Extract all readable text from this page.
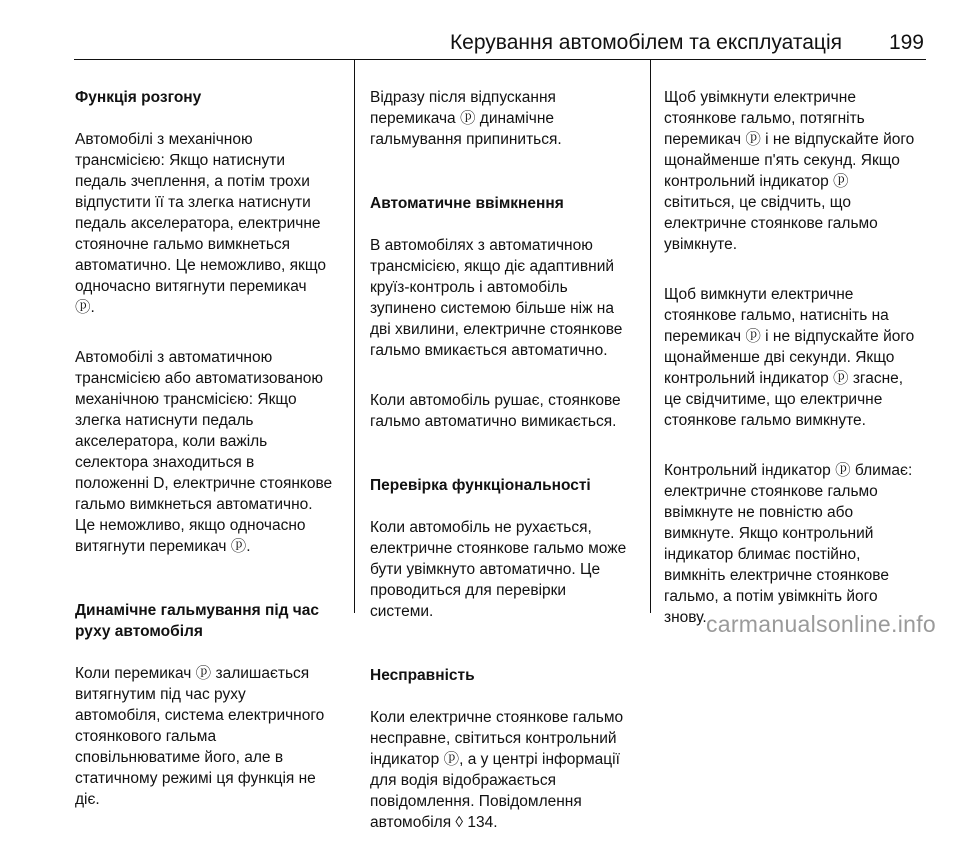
Керування автомобілем та експлуатація 199

Функція розгону

Автомобілі з механічною
трансмісією: Якщо натиснути
педаль зчеплення, а потім трохи
відпустити її та злегка натиснути
педаль акселератора, електричне
стояночне гальмо вимкнеться
автоматично. Це неможливо, якщо
одночасно витягнути перемикач
ⓟ.

Автомобілі з автоматичною
трансмісією або автоматизованою
механічною трансмісією: Якщо
злегка натиснути педаль
акселератора, коли важіль
селектора знаходиться в
положенні D, електричне стоянкове
гальмо вимкнеться автоматично.
Це неможливо, якщо одночасно
витягнути перемикач ⓟ.

Динамічне гальмування під час
руху автомобіля

Коли перемикач ⓟ залишається
витягнутим під час руху
автомобіля, система електричного
стоянкового гальма
сповільнюватиме його, але в
статичному режимі ця функція не
діє.

Відразу після відпускання
перемикача ⓟ динамічне
гальмування припиниться.

Автоматичне ввімкнення

В автомобілях з автоматичною
трансмісією, якщо діє адаптивний
круїз-контроль і автомобіль
зупинено системою більше ніж на
дві хвилини, електричне стоянкове
гальмо вмикається автоматично.

Коли автомобіль рушає, стоянкове
гальмо автоматично вимикається.

Перевірка функціональності

Коли автомобіль не рухається,
електричне стоянкове гальмо може
бути увімкнуто автоматично. Це
проводиться для перевірки
системи.

Несправність

Коли електричне стоянкове гальмо
несправне, світиться контрольний
індикатор ⓟ, а у центрі інформації
для водія відображається
повідомлення. Повідомлення
автомобіля ◊ 134.

Щоб увімкнути електричне
стоянкове гальмо, потягніть
перемикач ⓟ і не відпускайте його
щонайменше п'ять секунд. Якщо
контрольний індикатор ⓟ
світиться, це свідчить, що
електричне стоянкове гальмо
увімкнуте.

Щоб вимкнути електричне
стоянкове гальмо, натисніть на
перемикач ⓟ і не відпускайте його
щонайменше дві секунди. Якщо
контрольний індикатор ⓟ згасне,
це свідчитиме, що електричне
стоянкове гальмо вимкнуте.

Контрольний індикатор ⓟ блимає:
електричне стоянкове гальмо
ввімкнуте не повністю або
вимкнуте. Якщо контрольний
індикатор блимає постійно,
вимкніть електричне стоянкове
гальмо, а потім увімкніть його
знову. carmanualsonline.info
